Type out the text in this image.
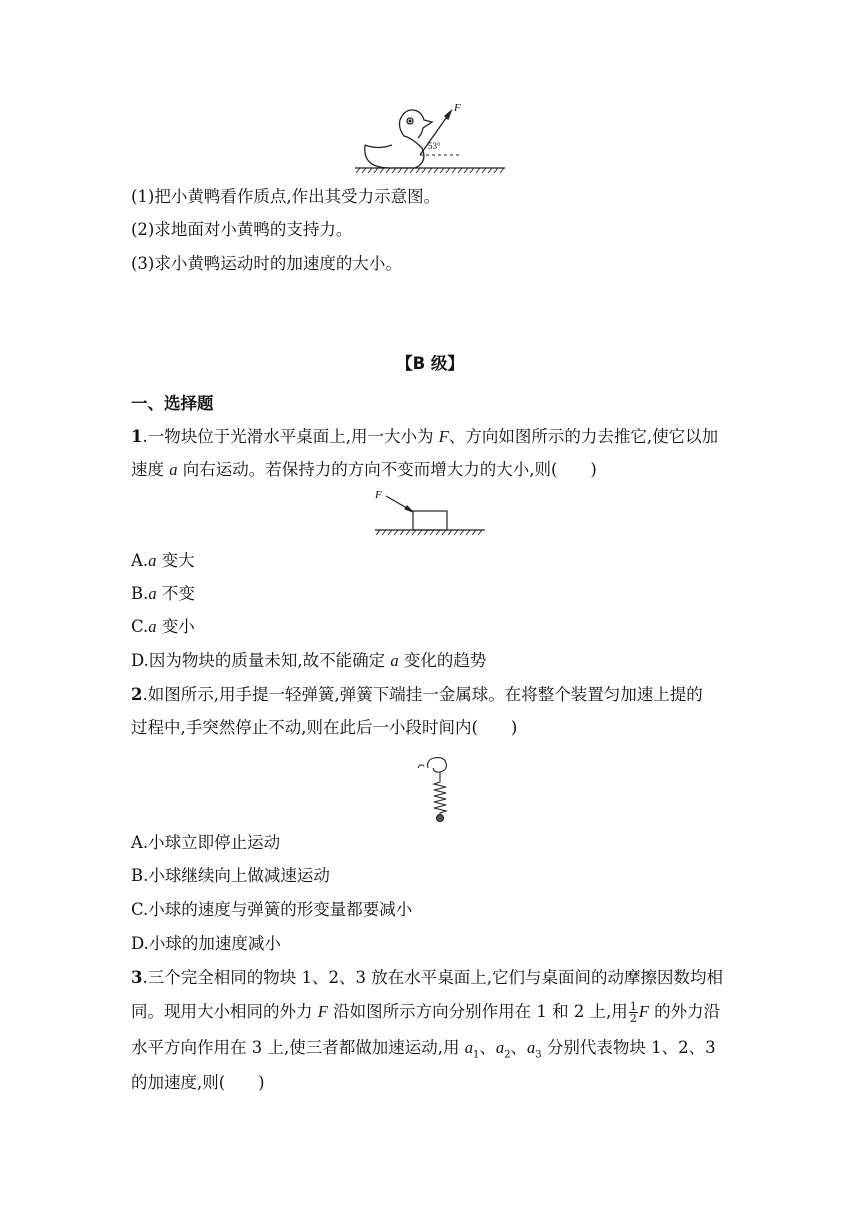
F
53°
(1)把小黄鸭看作质点,作出其受力示意图。
(2)求地面对小黄鸭的支持力。
(3)求小黄鸭运动时的加速度的大小。
【B 级】
一、选择题
1.一物块位于光滑水平桌面上,用一大小为 F、方向如图所示的力去推它,使它以加
速度 a 向右运动。若保持力的方向不变而增大力的大小,则(　　)
F
A.a 变大
B.a 不变
C.a 变小
D.因为物块的质量未知,故不能确定 a 变化的趋势
2.如图所示,用手提一轻弹簧,弹簧下端挂一金属球。在将整个装置匀加速上提的
过程中,手突然停止不动,则在此后一小段时间内(　　)
A.小球立即停止运动
B.小球继续向上做减速运动
C.小球的速度与弹簧的形变量都要减小
D.小球的加速度减小
3.三个完全相同的物块 1、2、3 放在水平桌面上,它们与桌面间的动摩擦因数均相
同。现用大小相同的外力 F 沿如图所示方向分别作用在 1 和 2 上,用 $\frac{1}{2}$ F 的外力沿
水平方向作用在 3 上,使三者都做加速运动,用 $a_1$、$a_2$、$a_3$ 分别代表物块 1、2、3
的加速度,则(　　)
